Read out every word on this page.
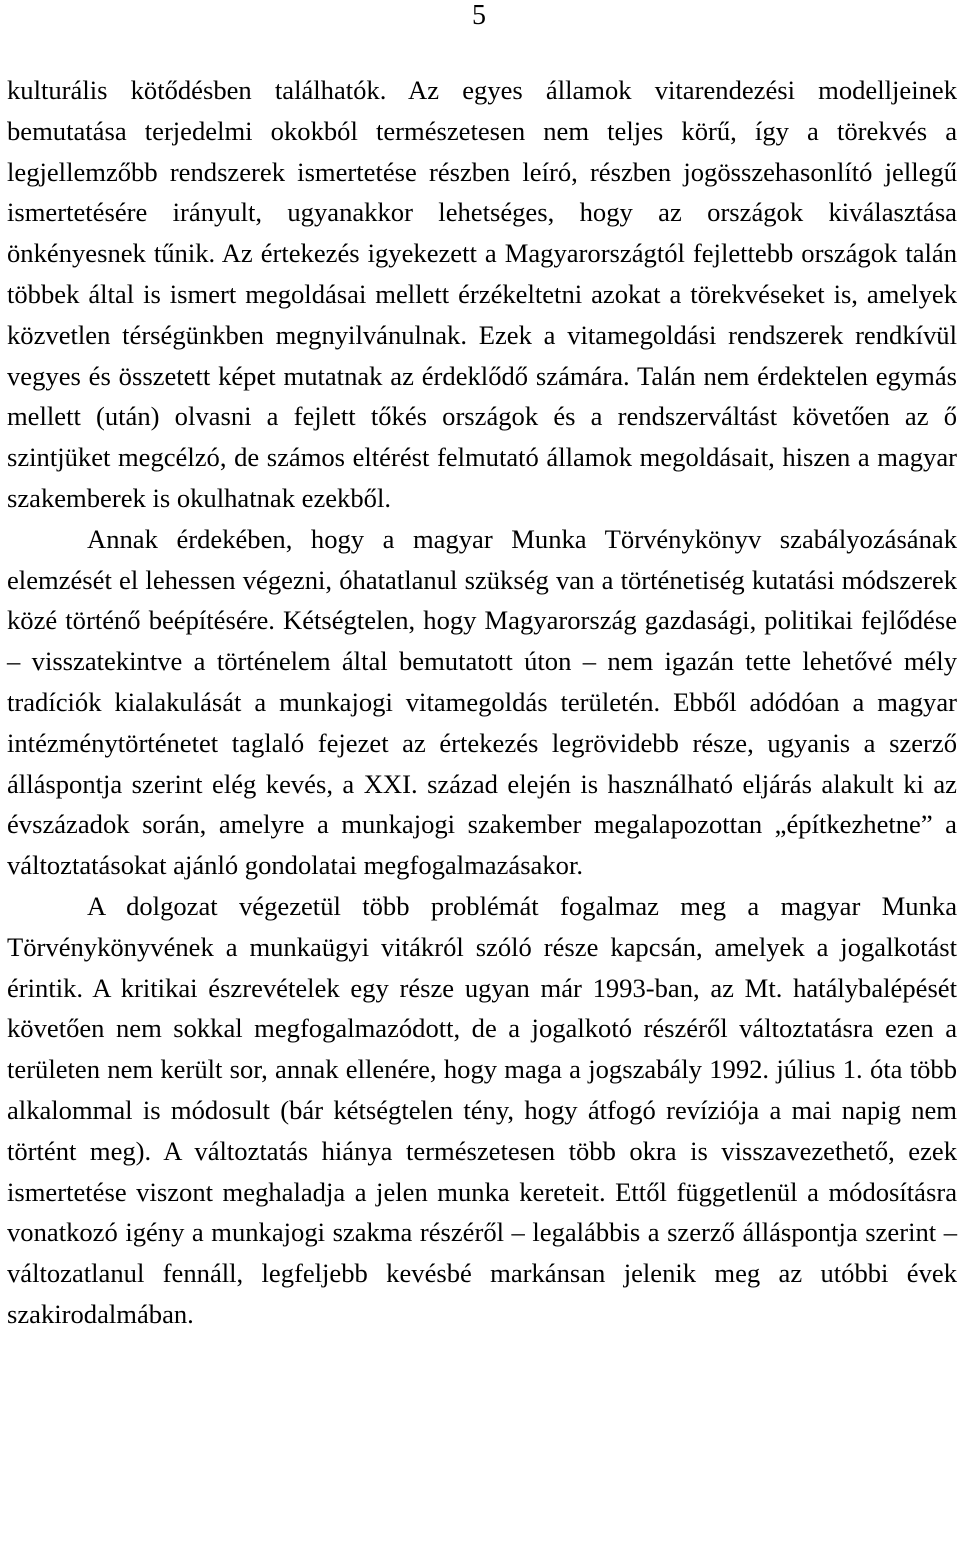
5

kulturális kötődésben találhatók. Az egyes államok vitarendezési modelljeinek bemutatása terjedelmi okokból természetesen nem teljes körű, így a törekvés a legjellemzőbb rendszerek ismertetése részben leíró, részben jogösszehasonlító jellegű ismertetésére irányult, ugyanakkor lehetséges, hogy az országok kiválasztása önkényesnek tűnik. Az értekezés igyekezett a Magyarországtól fejlettebb országok talán többek által is ismert megoldásai mellett érzékeltetni azokat a törekvéseket is, amelyek közvetlen térségünkben megnyilvánulnak. Ezek a vitamegoldási rendszerek rendkívül vegyes és összetett képet mutatnak az érdeklődő számára. Talán nem érdektelen egymás mellett (után) olvasni a fejlett tőkés országok és a rendszerváltást követően az ő szintjüket megcélzó, de számos eltérést felmutató államok megoldásait, hiszen a magyar szakemberek is okulhatnak ezekből.

Annak érdekében, hogy a magyar Munka Törvénykönyv szabályozásának elemzését el lehessen végezni, óhatatlanul szükség van a történetiség kutatási módszerek közé történő beépítésére. Kétségtelen, hogy Magyarország gazdasági, politikai fejlődése – visszatekintve a történelem által bemutatott úton – nem igazán tette lehetővé mély tradíciók kialakulását a munkajogi vitamegoldás területén. Ebből adódóan a magyar intézménytörténetet taglaló fejezet az értekezés legrövidebb része, ugyanis a szerző álláspontja szerint elég kevés, a XXI. század elején is használható eljárás alakult ki az évszázadok során, amelyre a munkajogi szakember megalapozottan „építkezhetne” a változtatásokat ajánló gondolatai megfogalmazásakor.

A dolgozat végezetül több problémát fogalmaz meg a magyar Munka Törvénykönyvének a munkaügyi vitákról szóló része kapcsán, amelyek a jogalkotást érintik. A kritikai észrevételek egy része ugyan már 1993-ban, az Mt. hatálybalépését követően nem sokkal megfogalmazódott, de a jogalkotó részéről változtatásra ezen a területen nem került sor, annak ellenére, hogy maga a jogszabály 1992. július 1. óta több alkalommal is módosult (bár kétségtelen tény, hogy átfogó revíziója a mai napig nem történt meg). A változtatás hiánya természetesen több okra is visszavezethető, ezek ismertetése viszont meghaladja a jelen munka kereteit. Ettől függetlenül a módosításra vonatkozó igény a munkajogi szakma részéről – legalábbis a szerző álláspontja szerint – változatlanul fennáll, legfeljebb kevésbé markánsan jelenik meg az utóbbi évek szakirodalmában.
